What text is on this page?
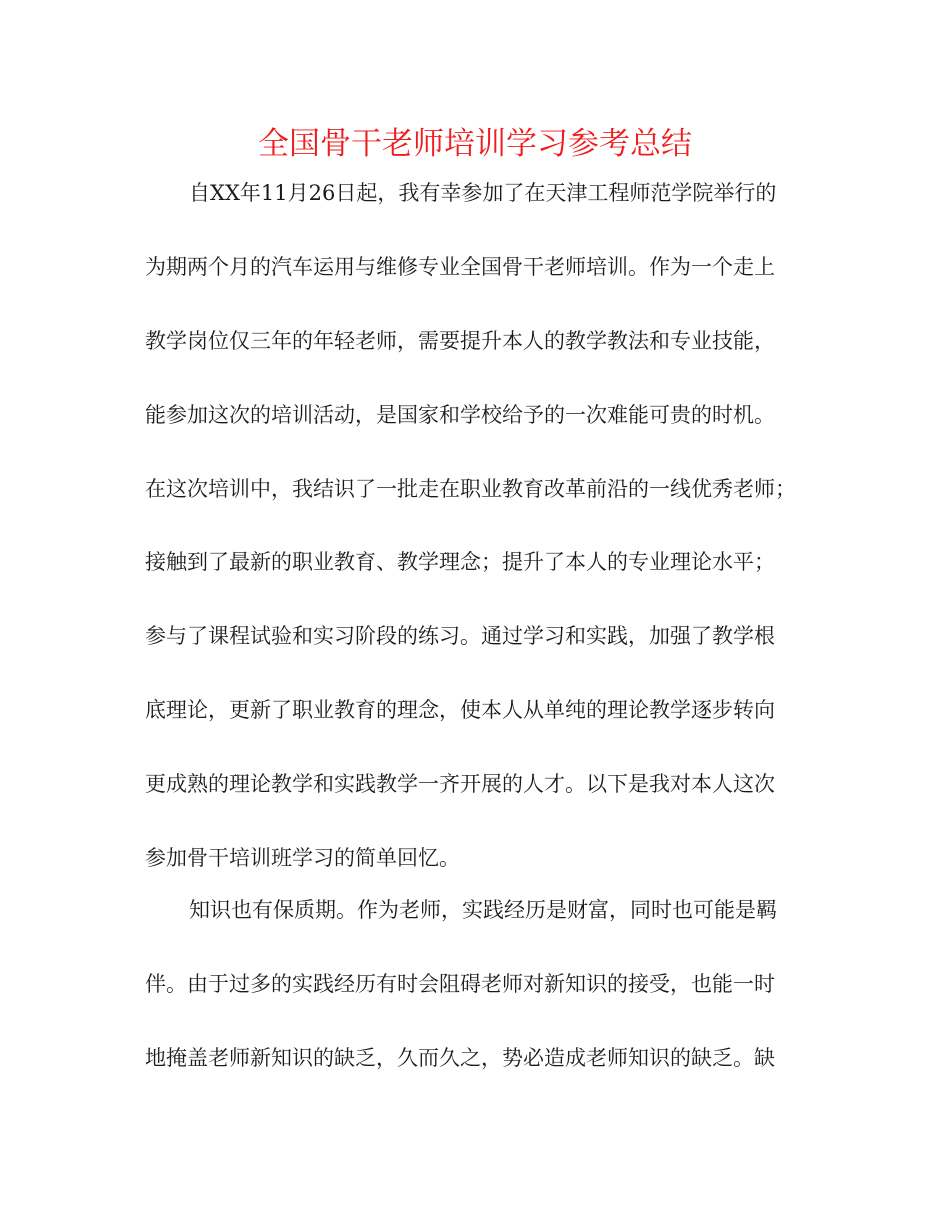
全国骨干老师培训学习参考总结
自XX年11月26日起，我有幸参加了在天津工程师范学院举行的
为期两个月的汽车运用与维修专业全国骨干老师培训。作为一个走上
教学岗位仅三年的年轻老师，需要提升本人的教学教法和专业技能，
能参加这次的培训活动，是国家和学校给予的一次难能可贵的时机。
在这次培训中，我结识了一批走在职业教育改革前沿的一线优秀老师；
接触到了最新的职业教育、教学理念；提升了本人的专业理论水平；
参与了课程试验和实习阶段的练习。通过学习和实践，加强了教学根
底理论，更新了职业教育的理念，使本人从单纯的理论教学逐步转向
更成熟的理论教学和实践教学一齐开展的人才。以下是我对本人这次
参加骨干培训班学习的简单回忆。
知识也有保质期。作为老师，实践经历是财富，同时也可能是羁
伴。由于过多的实践经历有时会阻碍老师对新知识的接受，也能一时
地掩盖老师新知识的缺乏，久而久之，势必造成老师知识的缺乏。缺
